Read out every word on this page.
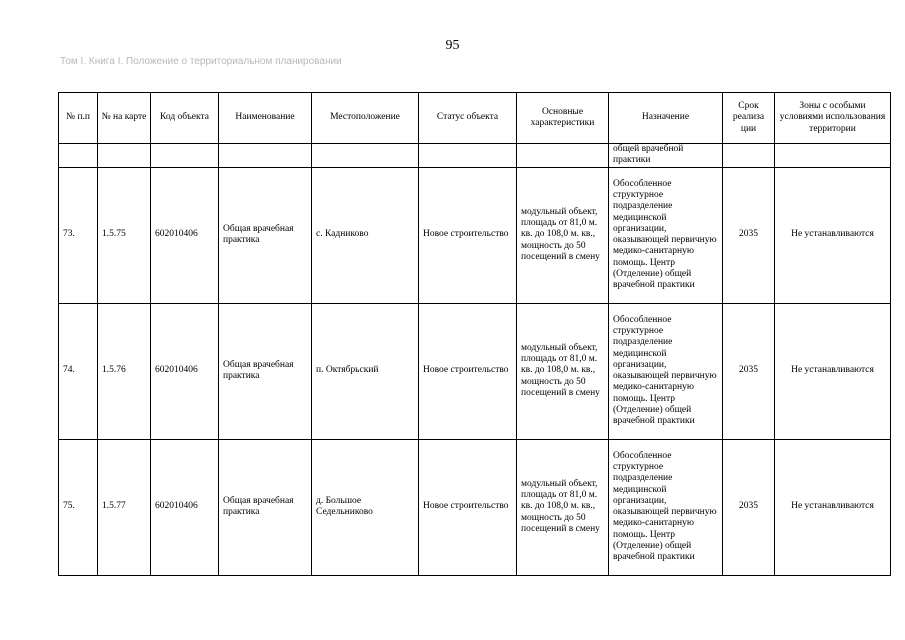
95
Том I. Книга I. Положение о территориальном планировании
№ п.п	№ на карте	Код объекта	Наименование	Местоположение	Статус объекта	Основные характеристики	Назначение	Срок реализа ции	Зоны с особыми условиями использования территории
							общей врачебной практики		
73.	1.5.75	602010406	Общая врачебная практика	с. Кадниково	Новое строительство	модульный объект, площадь от 81,0 м. кв. до 108,0 м. кв., мощность до 50 посещений в смену	Обособленное структурное подразделение медицинской организации, оказывающей первичную медико-санитарную помощь. Центр (Отделение) общей врачебной практики	2035	Не устанавливаются
74.	1.5.76	602010406	Общая врачебная практика	п. Октябрьский	Новое строительство	модульный объект, площадь от 81,0 м. кв. до 108,0 м. кв., мощность до 50 посещений в смену	Обособленное структурное подразделение медицинской организации, оказывающей первичную медико-санитарную помощь. Центр (Отделение) общей врачебной практики	2035	Не устанавливаются
75.	1.5.77	602010406	Общая врачебная практика	д. Большое Седельниково	Новое строительство	модульный объект, площадь от 81,0 м. кв. до 108,0 м. кв., мощность до 50 посещений в смену	Обособленное структурное подразделение медицинской организации, оказывающей первичную медико-санитарную помощь. Центр (Отделение) общей врачебной практики	2035	Не устанавливаются
